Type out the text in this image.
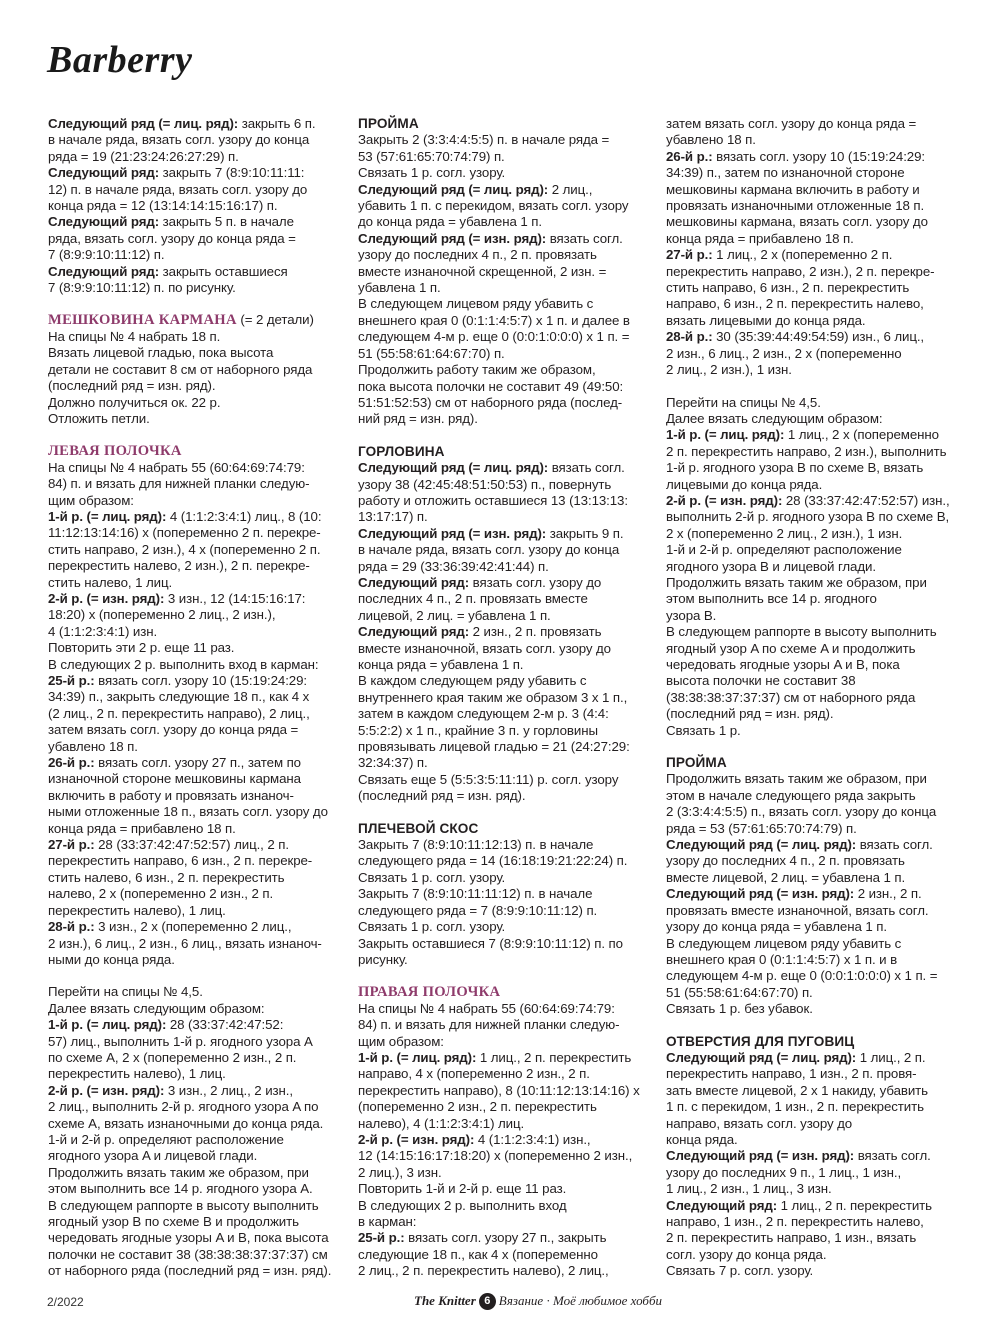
Barberry

Следующий ряд (= лиц. ряд): закрыть 6 п.

в начале ряда, вязать согл. узору до конца

ряда = 19 (21:23:24:26:27:29) п.

Следующий ряд: закрыть 7 (8:9:10:11:11:

12) п. в начале ряда, вязать согл. узору до

конца ряда = 12 (13:14:14:15:16:17) п.

Следующий ряд: закрыть 5 п. в начале

ряда, вязать согл. узору до конца ряда =

7 (8:9:9:10:11:12) п.

Следующий ряд: закрыть оставшиеся

7 (8:9:9:10:11:12) п. по рисунку.

МЕШКОВИНА КАРМАНА (= 2 детали)

На спицы № 4 набрать 18 п.

Вязать лицевой гладью, пока высота

детали не составит 8 см от наборного ряда

(последний ряд = изн. ряд).

Должно получиться ок. 22 р.

Отложить петли.

ЛЕВАЯ ПОЛОЧКА

На спицы № 4 набрать 55 (60:64:69:74:79:

84) п. и вязать для нижней планки следую-

щим образом:

1-й р. (= лиц. ряд): 4 (1:1:2:3:4:1) лиц., 8 (10:

11:12:13:14:16) х (попеременно 2 п. перекре-

стить направо, 2 изн.), 4 х (попеременно 2 п.

перекрестить налево, 2 изн.), 2 п. перекре-

стить налево, 1 лиц.

2-й р. (= изн. ряд): 3 изн., 12 (14:15:16:17:

18:20) х (попеременно 2 лиц., 2 изн.),

4 (1:1:2:3:4:1) изн.

Повторить эти 2 р. еще 11 раз.

В следующих 2 р. выполнить вход в карман:

25-й р.: вязать согл. узору 10 (15:19:24:29:

34:39) п., закрыть следующие 18 п., как 4 х

(2 лиц., 2 п. перекрестить направо), 2 лиц.,

затем вязать согл. узору до конца ряда =

убавлено 18 п.

26-й р.: вязать согл. узору 27 п., затем по

изнаночной стороне мешковины кармана

включить в работу и провязать изнаноч-

ными отложенные 18 п., вязать согл. узору до

конца ряда = прибавлено 18 п.

27-й р.: 28 (33:37:42:47:52:57) лиц., 2 п.

перекрестить направо, 6 изн., 2 п. перекре-

стить налево, 6 изн., 2 п. перекрестить

налево, 2 х (попеременно 2 изн., 2 п.

перекрестить налево), 1 лиц.

28-й р.: 3 изн., 2 х (попеременно 2 лиц.,

2 изн.), 6 лиц., 2 изн., 6 лиц., вязать изнаноч-

ными до конца ряда.

Перейти на спицы № 4,5.

Далее вязать следующим образом:

1-й р. (= лиц. ряд): 28 (33:37:42:47:52:

57) лиц., выполнить 1-й р. ягодного узора A

по схеме A, 2 х (попеременно 2 изн., 2 п.

перекрестить налево), 1 лиц.

2-й р. (= изн. ряд): 3 изн., 2 лиц., 2 изн.,

2 лиц., выполнить 2-й р. ягодного узора A по

схеме A, вязать изнаночными до конца ряда.

1-й и 2-й р. определяют расположение

ягодного узора A и лицевой глади.

Продолжить вязать таким же образом, при

этом выполнить все 14 р. ягодного узора A.

В следующем раппорте в высоту выполнить

ягодный узор B по схеме B и продолжить

чередовать ягодные узоры A и B, пока высота

полочки не составит 38 (38:38:38:37:37:37) см

от наборного ряда (последний ряд = изн. ряд).

ПРОЙМА

Закрыть 2 (3:3:4:4:5:5) п. в начале ряда =

53 (57:61:65:70:74:79) п.

Связать 1 р. согл. узору.

Следующий ряд (= лиц. ряд): 2 лиц.,

убавить 1 п. с перекидом, вязать согл. узору

до конца ряда = убавлена 1 п.

Следующий ряд (= изн. ряд): вязать согл.

узору до последних 4 п., 2 п. провязать

вместе изнаночной скрещенной, 2 изн. =

убавлена 1 п.

В следующем лицевом ряду убавить с

внешнего края 0 (0:1:1:4:5:7) х 1 п. и далее в

следующем 4-м р. еще 0 (0:0:1:0:0:0) х 1 п. =

51 (55:58:61:64:67:70) п.

Продолжить работу таким же образом,

пока высота полочки не составит 49 (49:50:

51:51:52:53) см от наборного ряда (послед-

ний ряд = изн. ряд).

ГОРЛОВИНА

Следующий ряд (= лиц. ряд): вязать согл.

узору 38 (42:45:48:51:50:53) п., повернуть

работу и отложить оставшиеся 13 (13:13:13:

13:17:17) п.

Следующий ряд (= изн. ряд): закрыть 9 п.

в начале ряда, вязать согл. узору до конца

ряда = 29 (33:36:39:42:41:44) п.

Следующий ряд: вязать согл. узору до

последних 4 п., 2 п. провязать вместе

лицевой, 2 лиц. = убавлена 1 п.

Следующий ряд: 2 изн., 2 п. провязать

вместе изнаночной, вязать согл. узору до

конца ряда = убавлена 1 п.

В каждом следующем ряду убавить с

внутреннего края таким же образом 3 х 1 п.,

затем в каждом следующем 2-м р. 3 (4:4:

5:5:2:2) х 1 п., крайние 3 п. у горловины

провязывать лицевой гладью = 21 (24:27:29:

32:34:37) п.

Связать еще 5 (5:5:3:5:11:11) р. согл. узору

(последний ряд = изн. ряд).

ПЛЕЧЕВОЙ СКОС

Закрыть 7 (8:9:10:11:12:13) п. в начале

следующего ряда = 14 (16:18:19:21:22:24) п.

Связать 1 р. согл. узору.

Закрыть 7 (8:9:10:11:11:12) п. в начале

следующего ряда = 7 (8:9:9:10:11:12) п.

Связать 1 р. согл. узору.

Закрыть оставшиеся 7 (8:9:9:10:11:12) п. по

рисунку.

ПРАВАЯ ПОЛОЧКА

На спицы № 4 набрать 55 (60:64:69:74:79:

84) п. и вязать для нижней планки следую-

щим образом:

1-й р. (= лиц. ряд): 1 лиц., 2 п. перекрестить

направо, 4 х (попеременно 2 изн., 2 п.

перекрестить направо), 8 (10:11:12:13:14:16) х

(попеременно 2 изн., 2 п. перекрестить

налево), 4 (1:1:2:3:4:1) лиц.

2-й р. (= изн. ряд): 4 (1:1:2:3:4:1) изн.,

12 (14:15:16:17:18:20) х (попеременно 2 изн.,

2 лиц.), 3 изн.

Повторить 1-й и 2-й р. еще 11 раз.

В следующих 2 р. выполнить вход

в карман:

25-й р.: вязать согл. узору 27 п., закрыть

следующие 18 п., как 4 х (попеременно

2 лиц., 2 п. перекрестить налево), 2 лиц.,

затем вязать согл. узору до конца ряда =

убавлено 18 п.

26-й р.: вязать согл. узору 10 (15:19:24:29:

34:39) п., затем по изнаночной стороне

мешковины кармана включить в работу и

провязать изнаночными отложенные 18 п.

мешковины кармана, вязать согл. узору до

конца ряда = прибавлено 18 п.

27-й р.: 1 лиц., 2 х (попеременно 2 п.

перекрестить направо, 2 изн.), 2 п. перекре-

стить направо, 6 изн., 2 п. перекрестить

направо, 6 изн., 2 п. перекрестить налево,

вязать лицевыми до конца ряда.

28-й р.: 30 (35:39:44:49:54:59) изн., 6 лиц.,

2 изн., 6 лиц., 2 изн., 2 х (попеременно

2 лиц., 2 изн.), 1 изн.

Перейти на спицы № 4,5.

Далее вязать следующим образом:

1-й р. (= лиц. ряд): 1 лиц., 2 х (попеременно

2 п. перекрестить направо, 2 изн.), выполнить

1-й р. ягодного узора B по схеме B, вязать

лицевыми до конца ряда.

2-й р. (= изн. ряд): 28 (33:37:42:47:52:57) изн.,

выполнить 2-й р. ягодного узора B по схеме B,

2 х (попеременно 2 лиц., 2 изн.), 1 изн.

1-й и 2-й р. определяют расположение

ягодного узора B и лицевой глади.

Продолжить вязать таким же образом, при

этом выполнить все 14 р. ягодного

узора B.

В следующем раппорте в высоту выполнить

ягодный узор A по схеме A и продолжить

чередовать ягодные узоры A и B, пока

высота полочки не составит 38

(38:38:38:37:37:37) см от наборного ряда

(последний ряд = изн. ряд).

Связать 1 р.

ПРОЙМА

Продолжить вязать таким же образом, при

этом в начале следующего ряда закрыть

2 (3:3:4:4:5:5) п., вязать согл. узору до конца

ряда = 53 (57:61:65:70:74:79) п.

Следующий ряд (= лиц. ряд): вязать согл.

узору до последних 4 п., 2 п. провязать

вместе лицевой, 2 лиц. = убавлена 1 п.

Следующий ряд (= изн. ряд): 2 изн., 2 п.

провязать вместе изнаночной, вязать согл.

узору до конца ряда = убавлена 1 п.

В следующем лицевом ряду убавить с

внешнего края 0 (0:1:1:4:5:7) х 1 п. и в

следующем 4-м р. еще 0 (0:0:1:0:0:0) х 1 п. =

51 (55:58:61:64:67:70) п.

Связать 1 р. без убавок.

ОТВЕРСТИЯ ДЛЯ ПУГОВИЦ

Следующий ряд (= лиц. ряд): 1 лиц., 2 п.

перекрестить направо, 1 изн., 2 п. провя-

зать вместе лицевой, 2 х 1 накиду, убавить

1 п. с перекидом, 1 изн., 2 п. перекрестить

направо, вязать согл. узору до

конца ряда.

Следующий ряд (= изн. ряд): вязать согл.

узору до последних 9 п., 1 лиц., 1 изн.,

1 лиц., 2 изн., 1 лиц., 3 изн.

Следующий ряд: 1 лиц., 2 п. перекрестить

направо, 1 изн., 2 п. перекрестить налево,

2 п. перекрестить направо, 1 изн., вязать

согл. узору до конца ряда.

Связать 7 р. согл. узору.

2/2022	The Knitter 6 Вязание · Моё любимое хобби
